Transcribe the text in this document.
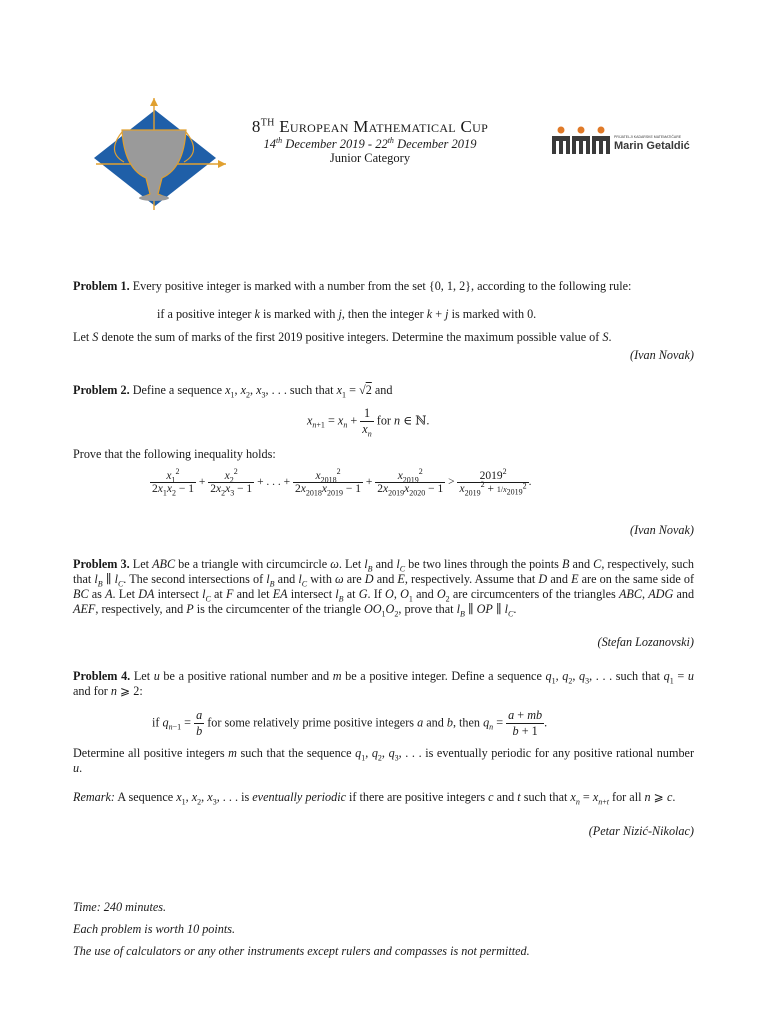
8TH European Mathematical Cup
14th December 2019 - 22th December 2019
Junior Category
PRIJATELJI KADARSKE MATEMATIČARE
Marin Getaldić
Problem 1. Every positive integer is marked with a number from the set {0, 1, 2}, according to the following rule:
if a positive integer k is marked with j, then the integer k + j is marked with 0.
Let S denote the sum of marks of the first 2019 positive integers. Determine the maximum possible value of S.
(Ivan Novak)
Problem 2. Define a sequence $x_1$, $x_2$, $x_3$, . . . such that $x_1 = √2$ and
$x_{n+1} = x_n + \frac{1}{x_n}$ for n ∈ ℕ.
Prove that the following inequality holds:
$\frac{x_1^2}{2x_1x_2 - 1} + \frac{x_2^2}{2x_2x_3 - 1}$ + . . . + $\frac{x_{2018}^2}{2x_{2018}x_{2019} - 1} + \frac{x_{2019}^2}{2x_{2019}x_{2020} - 1} > \frac{2019^2}{x_{2019}^2 + 1/x_{2019}^2}$ .
(Ivan Novak)
Problem 3. Let ABC be a triangle with circumcircle ω. Let $l_B$ and $l_C$ be two lines through the points B and C, respectively, such that $l_B$ ∥ $l_C$. The second intersections of $l_B$ and $l_C$ with ω are D and E, respectively. Assume that D and E are on the same side of BC as A. Let DA intersect $l_C$ at F and let EA intersect $l_B$ at G. If O, $O_1$ and $O_2$ are circumcenters of the triangles ABC, ADG and AEF, respectively, and P is the circumcenter of the triangle $OO_1O_2$, prove that $l_B$ ∥ OP ∥ $l_C$.
(Stefan Lozanovski)
Problem 4. Let u be a positive rational number and m be a positive integer. Define a sequence $q_1$, $q_2$, $q_3$, . . . such that $q_1 = u$ and for n ⩾ 2:
if $q_{n-1} = \frac{a}{b}$ for some relatively prime positive integers a and b, then $q_n = \frac{a + mb}{b + 1}$ .
Determine all positive integers m such that the sequence $q_1$, $q_2$, $q_3$, . . . is eventually periodic for any positive rational number u.
Remark: A sequence $x_1$, $x_2$, $x_3$, . . . is eventually periodic if there are positive integers c and t such that $x_n = x_{n+t}$ for all n ⩾ c.
(Petar Nizić-Nikolac)
Time: 240 minutes.
Each problem is worth 10 points.
The use of calculators or any other instruments except rulers and compasses is not permitted.
